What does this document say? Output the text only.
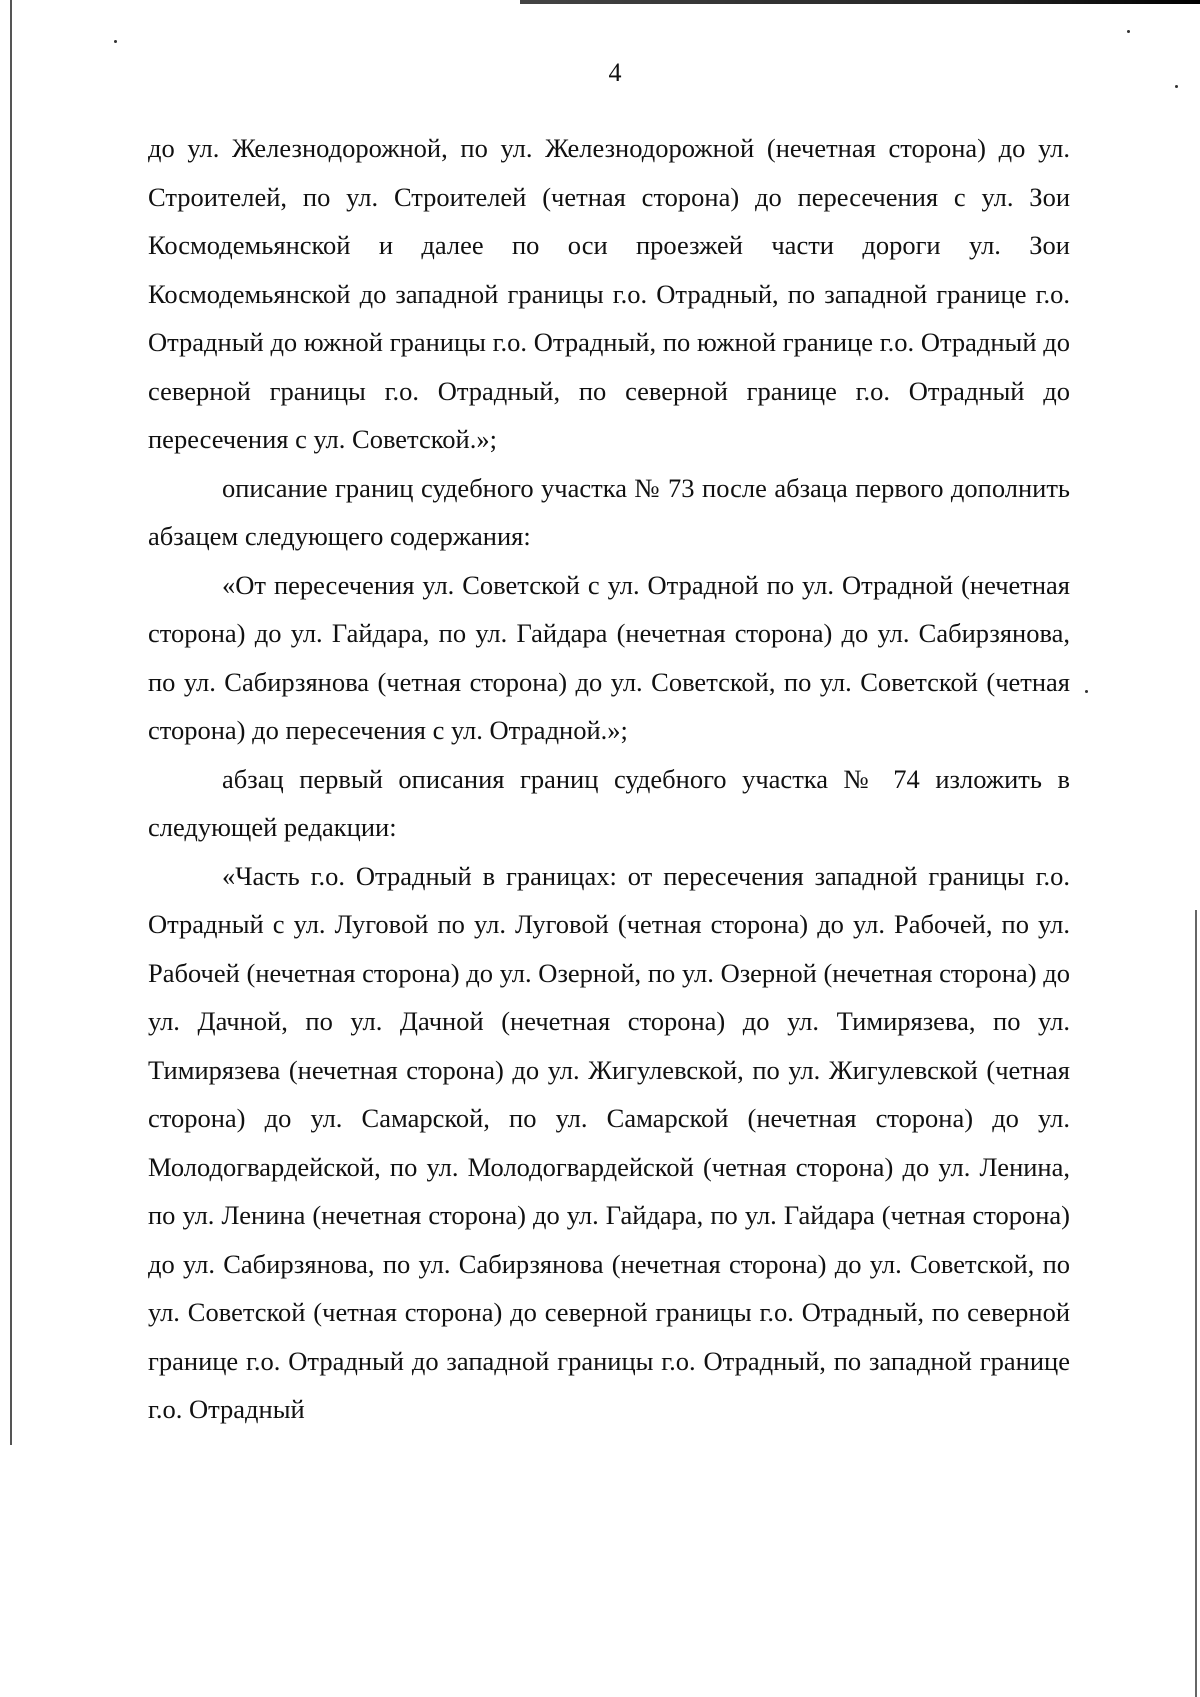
4

до ул. Железнодорожной, по ул. Железнодорожной (нечетная сторона) до ул. Строителей, по ул. Строителей (четная сторона) до пересечения с ул. Зои Космодемьянской и далее по оси проезжей части дороги ул. Зои Космодемьянской до западной границы г.о. Отрадный, по западной границе г.о. Отрадный до южной границы г.о. Отрадный, по южной границе г.о. Отрадный до северной границы г.о. Отрадный, по северной границе г.о. Отрадный до пересечения с ул. Советской.»;

описание границ судебного участка № 73 после абзаца первого дополнить абзацем следующего содержания:

«От пересечения ул. Советской с ул. Отрадной по ул. Отрадной (нечетная сторона) до ул. Гайдара, по ул. Гайдара (нечетная сторона) до ул. Сабирзянова, по ул. Сабирзянова (четная сторона) до ул. Советской, по ул. Советской (четная сторона) до пересечения с ул. Отрадной.»;

абзац первый описания границ судебного участка № 74 изложить в следующей редакции:

«Часть г.о. Отрадный в границах: от пересечения западной границы г.о. Отрадный с ул. Луговой по ул. Луговой (четная сторона) до ул. Рабочей, по ул. Рабочей (нечетная сторона) до ул. Озерной, по ул. Озерной (нечетная сторона) до ул. Дачной, по ул. Дачной (нечетная сторона) до ул. Тимирязева, по ул. Тимирязева (нечетная сторона) до ул. Жигулевской, по ул. Жигулевской (четная сторона) до ул. Самарской, по ул. Самарской (нечетная сторона) до ул. Молодогвардейской, по ул. Молодогвардейской (четная сторона) до ул. Ленина, по ул. Ленина (нечетная сторона) до ул. Гайдара, по ул. Гайдара (четная сторона) до ул. Сабирзянова, по ул. Сабирзянова (нечетная сторона) до ул. Советской, по ул. Советской (четная сторона) до северной границы г.о. Отрадный, по северной границе г.о. Отрадный до западной границы г.о. Отрадный, по западной границе г.о. Отрадный
